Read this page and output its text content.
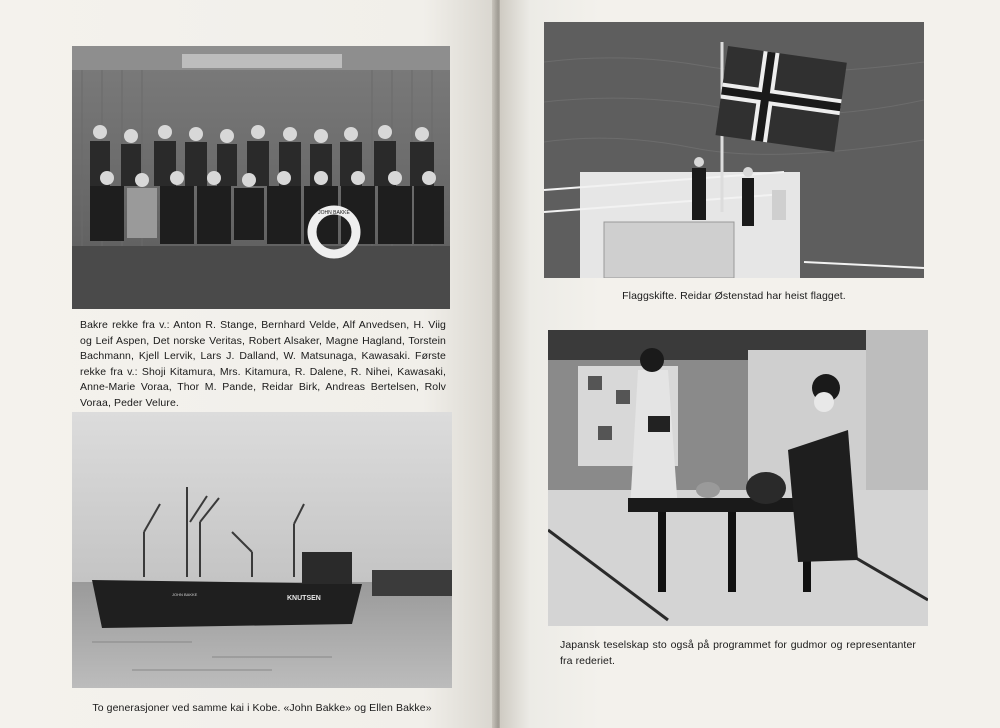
JOHN BAKKE
Bakre rekke fra v.: Anton R. Stange, Bernhard Velde, Alf Anvedsen, H. Viig og Leif Aspen, Det norske Veritas, Robert Alsaker, Magne Hagland, Torstein Bachmann, Kjell Lervik, Lars J. Dalland, W. Matsunaga, Kawasaki. Første rekke fra v.: Shoji Kitamura, Mrs. Kitamura, R. Dalene, R. Nihei, Kawasaki, Anne-Marie Voraa, Thor M. Pande, Reidar Birk, Andreas Bertelsen, Rolv Voraa, Peder Velure.
KNUTSEN
JOHN BAKKE
To generasjoner ved samme kai i Kobe. «John Bakke» og Ellen Bakke»
Flaggskifte. Reidar Østenstad har heist flagget.
Japansk teselskap sto også på programmet for gudmor og representanter fra rederiet.
